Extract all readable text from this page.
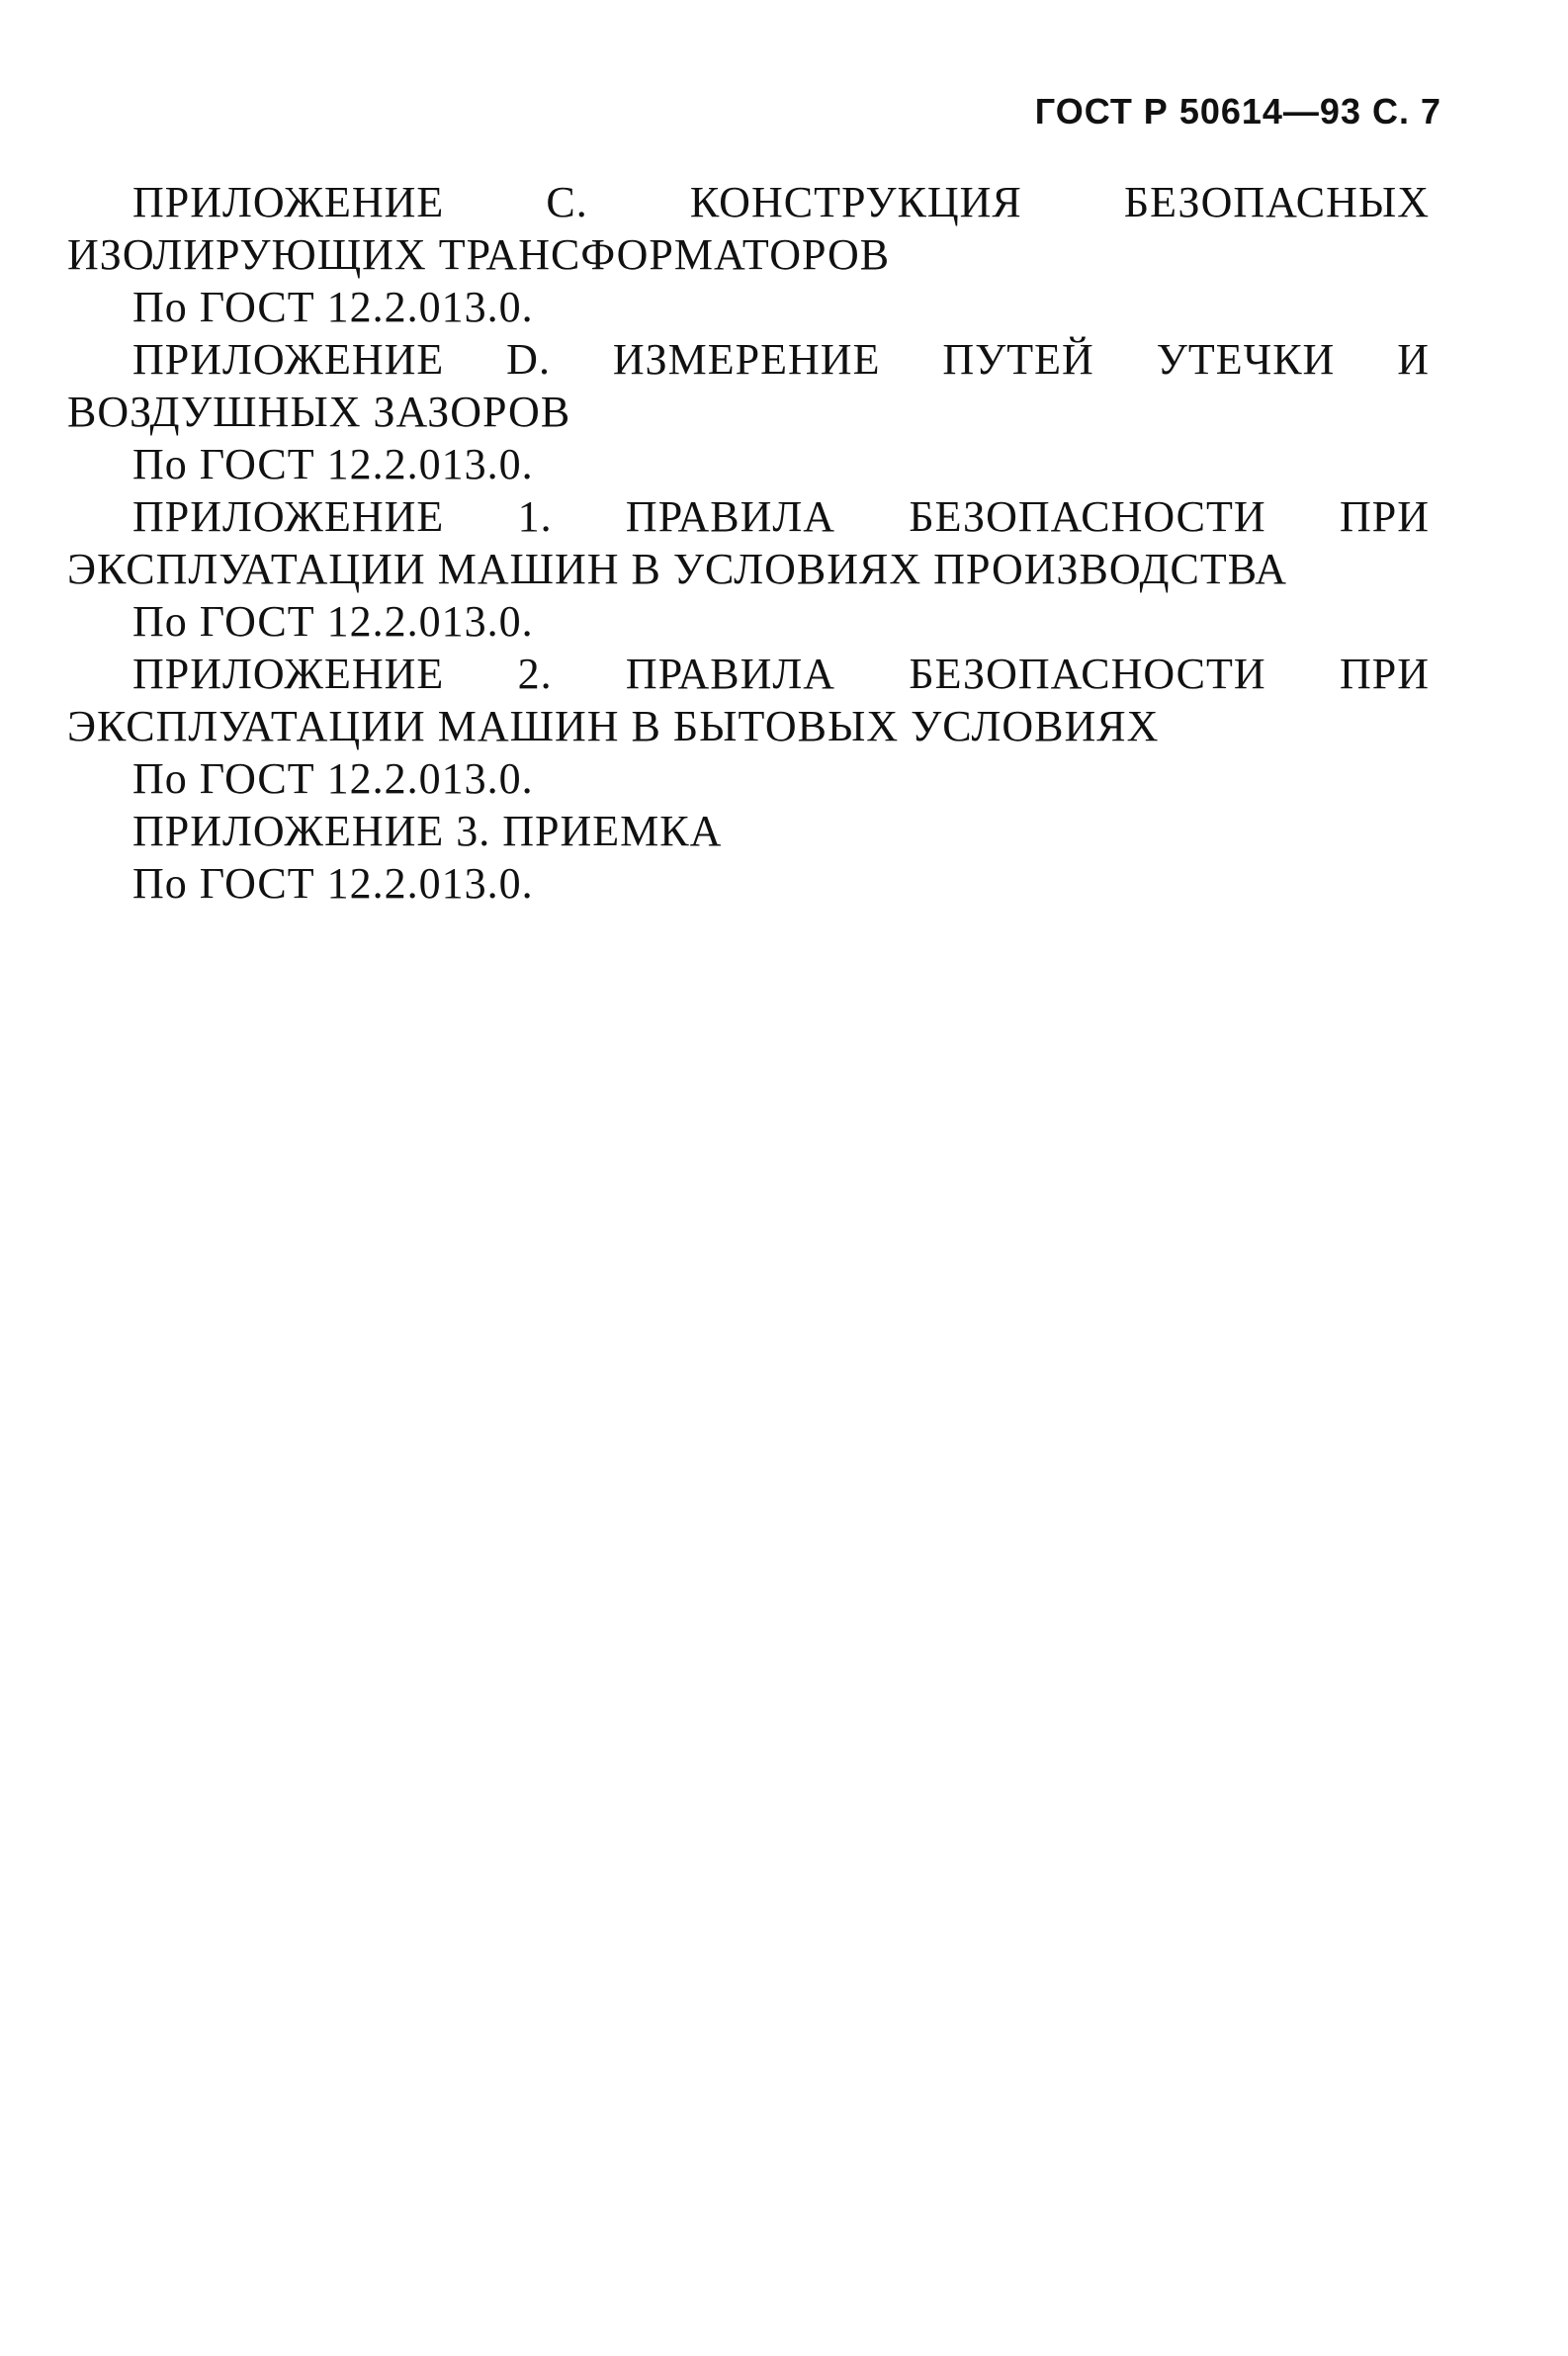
ГОСТ Р 50614—93 С. 7

ПРИЛОЖЕНИЕ С. КОНСТРУКЦИЯ БЕЗОПАСНЫХ ИЗОЛИРУЮЩИХ ТРАНСФОРМАТОРОВ

По ГОСТ 12.2.013.0.

ПРИЛОЖЕНИЕ D. ИЗМЕРЕНИЕ ПУТЕЙ УТЕЧКИ И ВОЗДУШНЫХ ЗАЗОРОВ

По ГОСТ 12.2.013.0.

ПРИЛОЖЕНИЕ 1. ПРАВИЛА БЕЗОПАСНОСТИ ПРИ ЭКСПЛУАТАЦИИ МАШИН В УСЛОВИЯХ ПРОИЗВОДСТВА

По ГОСТ 12.2.013.0.

ПРИЛОЖЕНИЕ 2. ПРАВИЛА БЕЗОПАСНОСТИ ПРИ ЭКСПЛУАТАЦИИ МАШИН В БЫТОВЫХ УСЛОВИЯХ

По ГОСТ 12.2.013.0.

ПРИЛОЖЕНИЕ 3. ПРИЕМКА

По ГОСТ 12.2.013.0.
